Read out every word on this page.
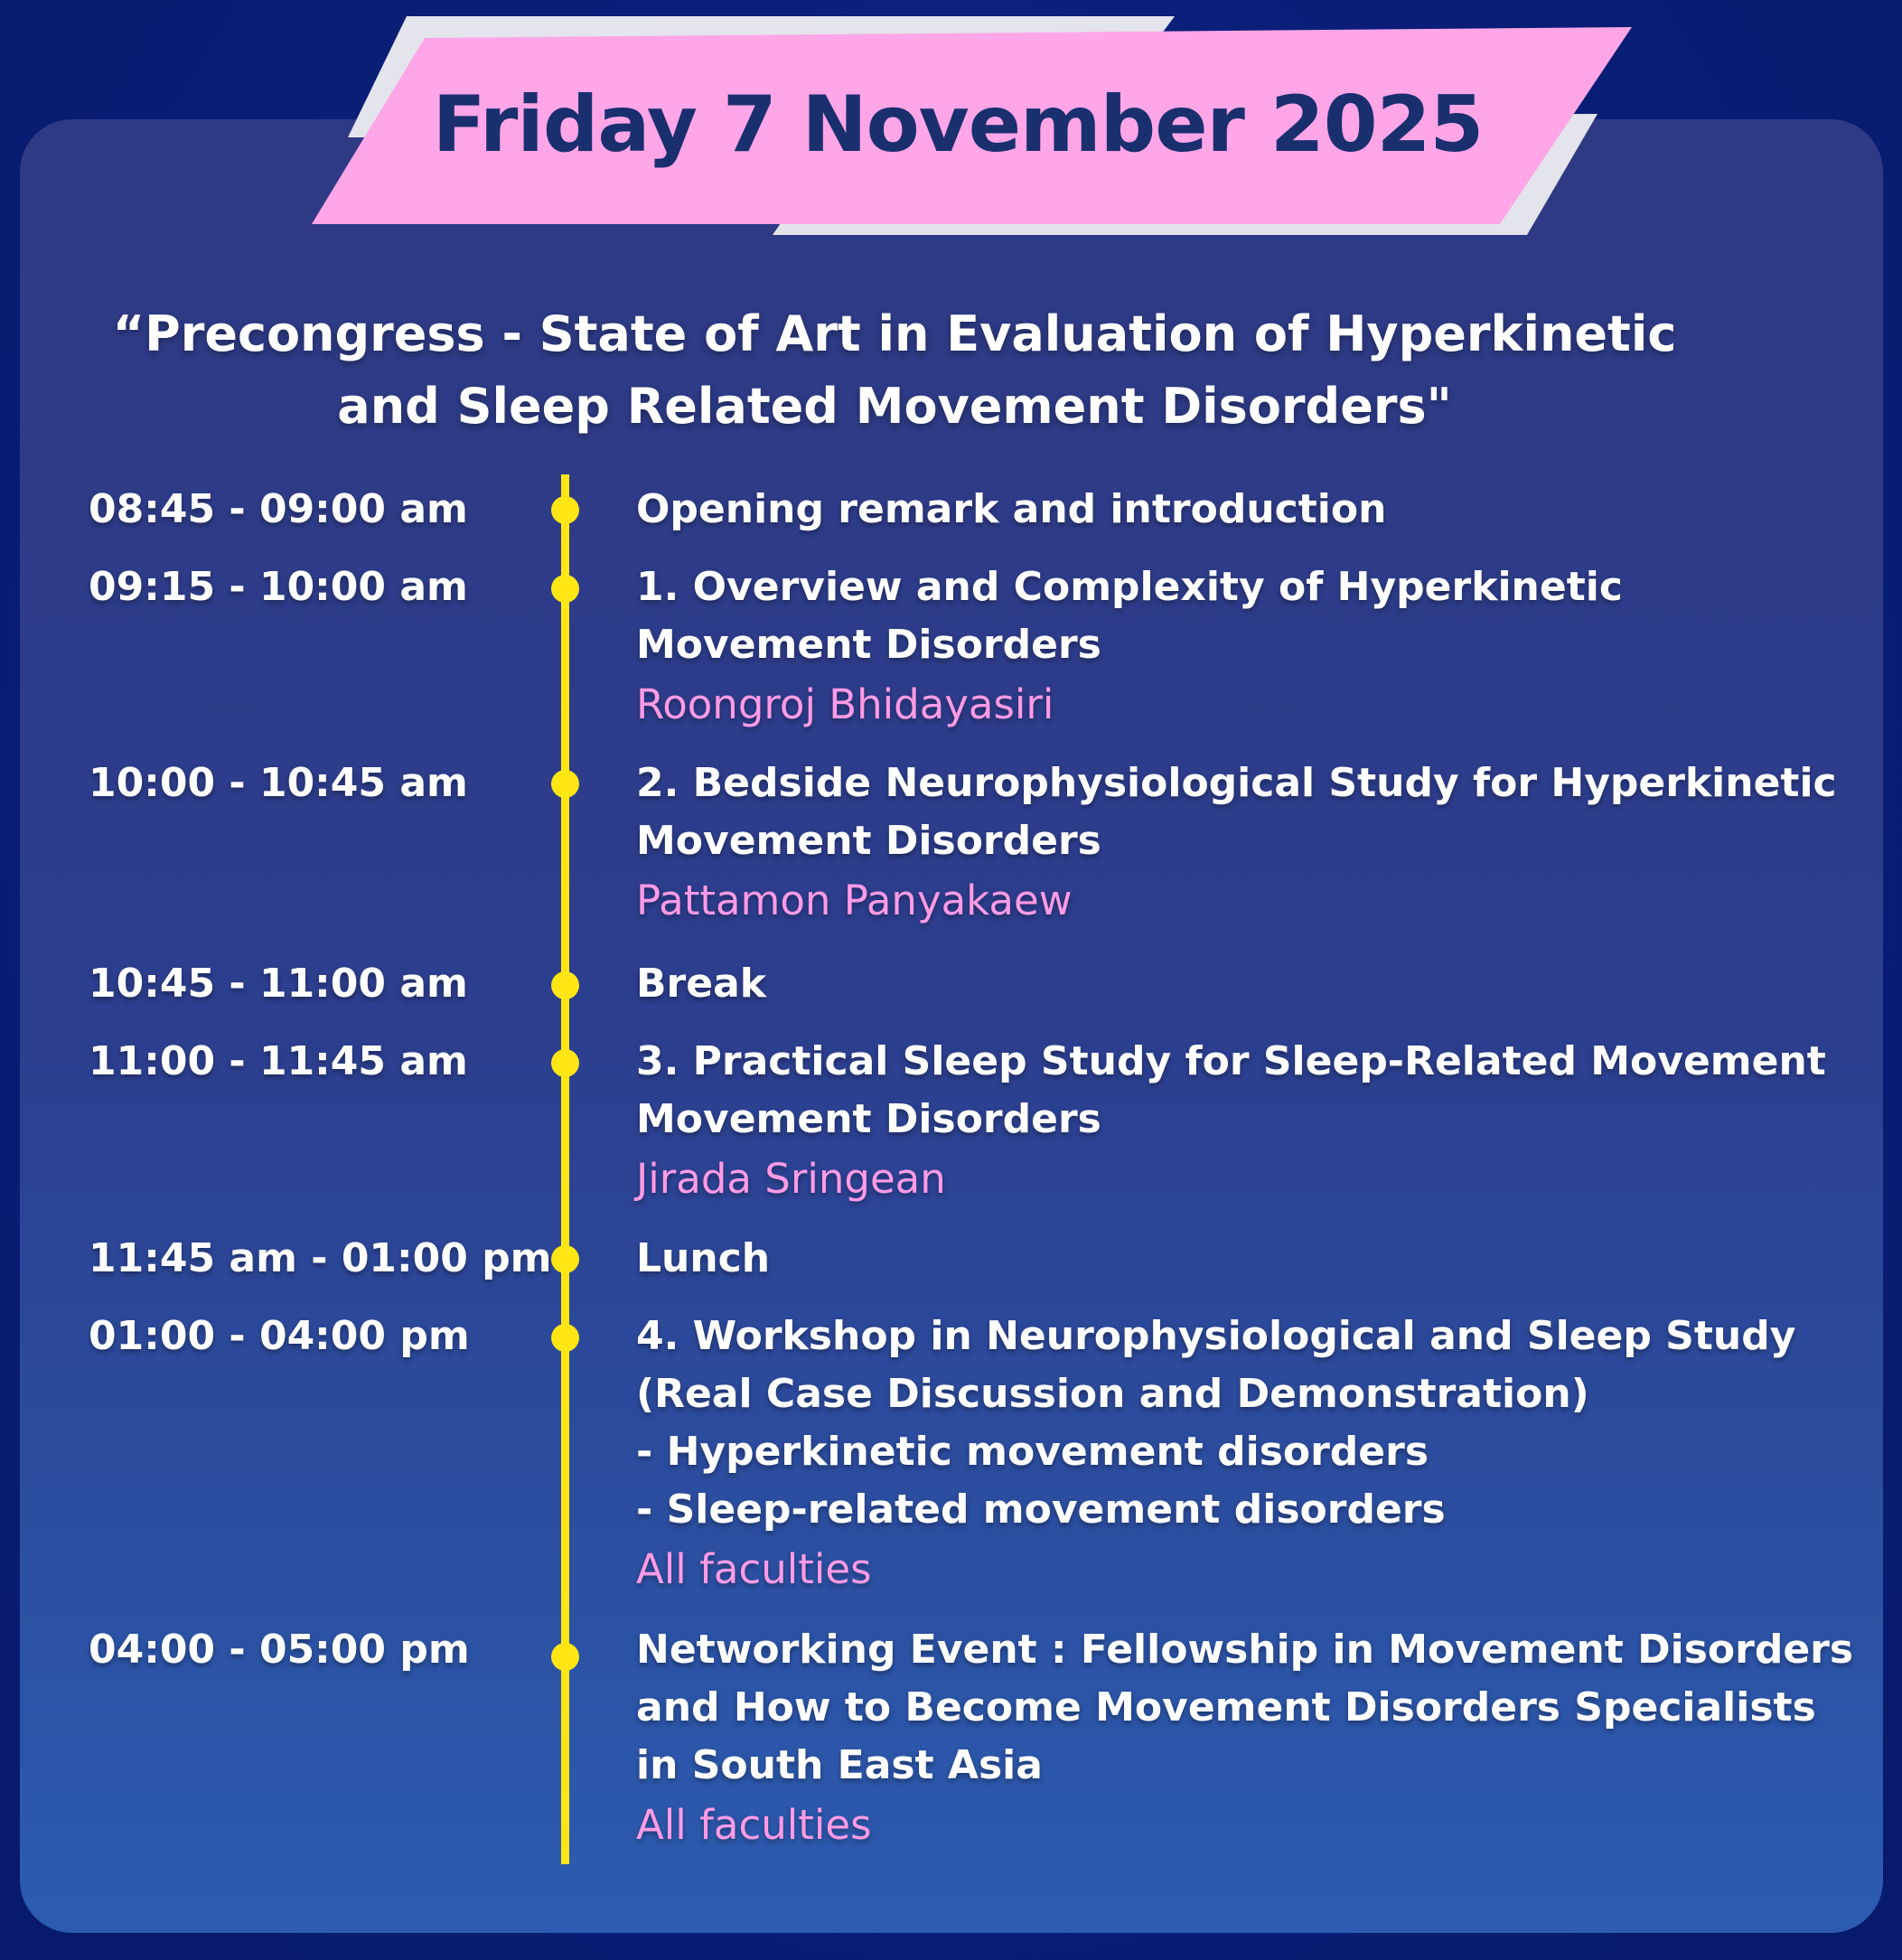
Friday 7 November 2025
“Precongress - State of Art in Evaluation of Hyperkinetic
and Sleep Related Movement Disorders"
08:45 - 09:00 am	Opening remark and introduction
09:15 - 10:00 am	1. Overview and Complexity of Hyperkinetic
Movement Disorders
Roongroj Bhidayasiri
10:00 - 10:45 am	2. Bedside Neurophysiological Study for Hyperkinetic
Movement Disorders
Pattamon Panyakaew
10:45 - 11:00 am	Break
11:00 - 11:45 am	3. Practical Sleep Study for Sleep-Related Movement
Movement Disorders
Jirada Sringean
11:45 am - 01:00 pm Lunch
01:00 - 04:00 pm	4. Workshop in Neurophysiological and Sleep Study
(Real Case Discussion and Demonstration)
- Hyperkinetic movement disorders
- Sleep-related movement disorders
All faculties
04:00 - 05:00 pm	Networking Event : Fellowship in Movement Disorders
and How to Become Movement Disorders Specialists
in South East Asia
All faculties
